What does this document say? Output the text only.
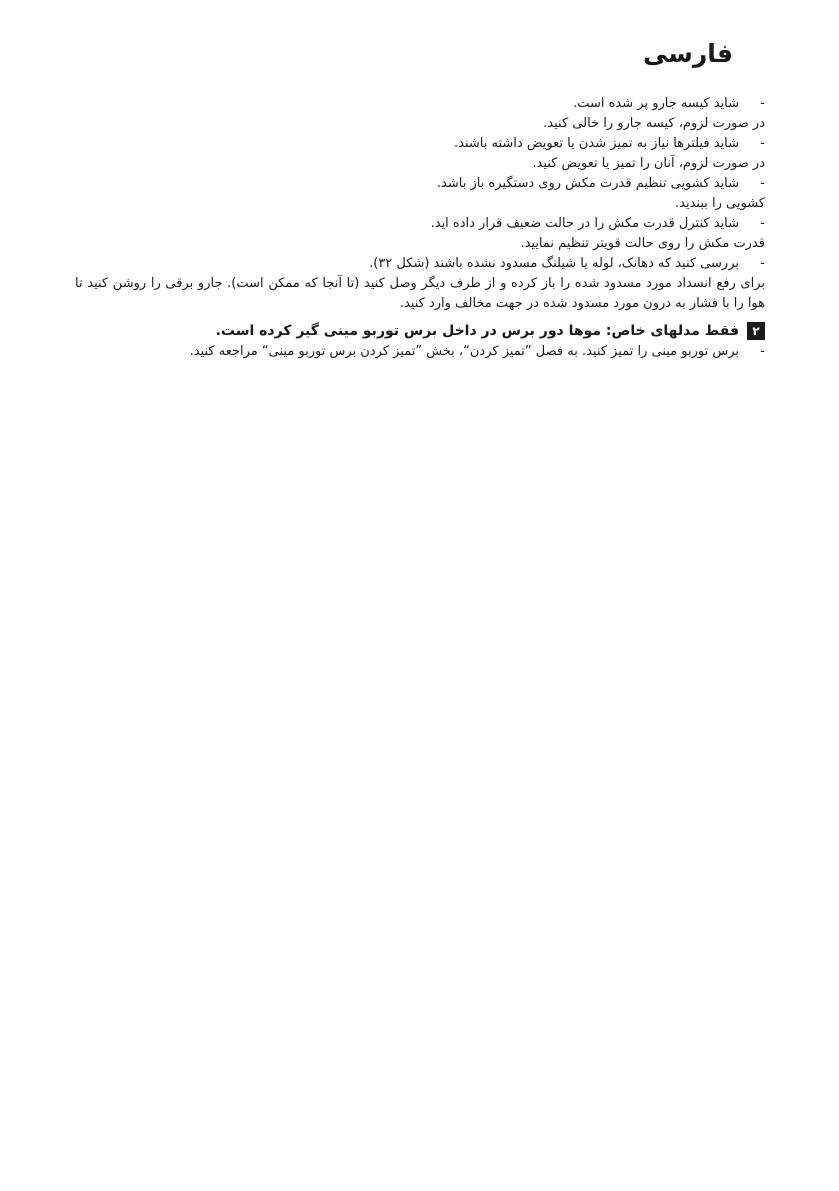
فارسی
-شاید کیسه جارو پر شده است.
در صورت لزوم، کیسه جارو را خالی کنید.
-شاید فیلترها نیاز به تمیز شدن یا تعویض داشته باشند.
در صورت لزوم، آنان را تمیز یا تعویض کنید.
-شاید کشویی تنظیم قدرت مکش روی دستگیره باز باشد.
کشویی را ببندید.
-شاید کنترل قدرت مکش را در حالت ضعیف قرار داده اید.
قدرت مکش را روی حالت قویتر تنظیم نمایید.
-بررسی کنید که دهانک، لوله یا شیلنگ مسدود نشده باشند (شکل ۳۲).
برای رفع انسداد مورد مسدود شده را باز کرده و از طرف دیگر وصل کنید (تا آنجا که ممکن است). جارو برقی را روشن کنید تا هوا را با فشار به درون مورد مسدود شده در جهت مخالف وارد کنید.
۲فقط مدلهای خاص: موها دور برس در داخل برس توربو مینی گیر کرده است.
-برس توربو مینی را تمیز کنید. به فصل ”تمیز کردن“، بخش ”تمیز کردن برس توربو مینی“ مراجعه کنید.
